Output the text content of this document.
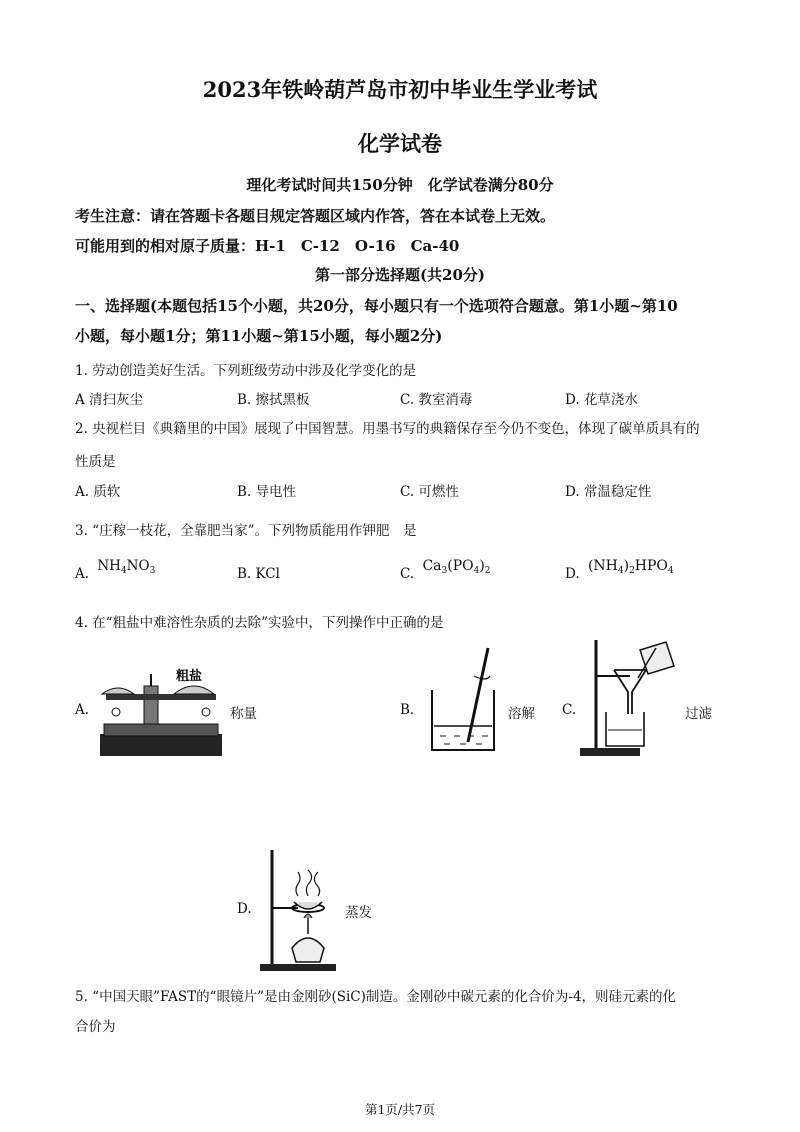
2023年铁岭葫芦岛市初中毕业生学业考试
化学试卷
理化考试时间共150分钟　化学试卷满分80分
考生注意：请在答题卡各题目规定答题区域内作答，答在本试卷上无效。
可能用到的相对原子质量：H-1　C-12　O-16　Ca-40
第一部分选择题(共20分)
一、选择题(本题包括15个小题，共20分，每小题只有一个选项符合题意。第1小题~第10
小题，每小题1分；第11小题~第15小题，每小题2分)
1. 劳动创造美好生活。下列班级劳动中涉及化学变化的是
A 清扫灰尘	B. 擦拭黑板	C. 教室消毒	D. 花草浇水
2. 央视栏目《典籍里的中国》展现了中国智慧。用墨书写的典籍保存至今仍不变色，体现了碳单质具有的
性质是
A. 质软	B. 导电性	C. 可燃性	D. 常温稳定性
3. “庄稼一枝花，全靠肥当家”。下列物质能用作钾肥　是
A. $NH_4NO_3$	B. KCl	C. $Ca_3(PO_4)_2$	D. $(NH_4)_2HPO_4$
4. 在“粗盐中难溶性杂质的去除”实验中，下列操作中正确的是
A.
粗盐
称量	B.	溶解 C.	过滤
D.	蒸发
5. “中国天眼”FAST的“眼镜片”是由金刚砂(SiC)制造。金刚砂中碳元素的化合价为-4，则硅元素的化
合价为
第1页/共7页
